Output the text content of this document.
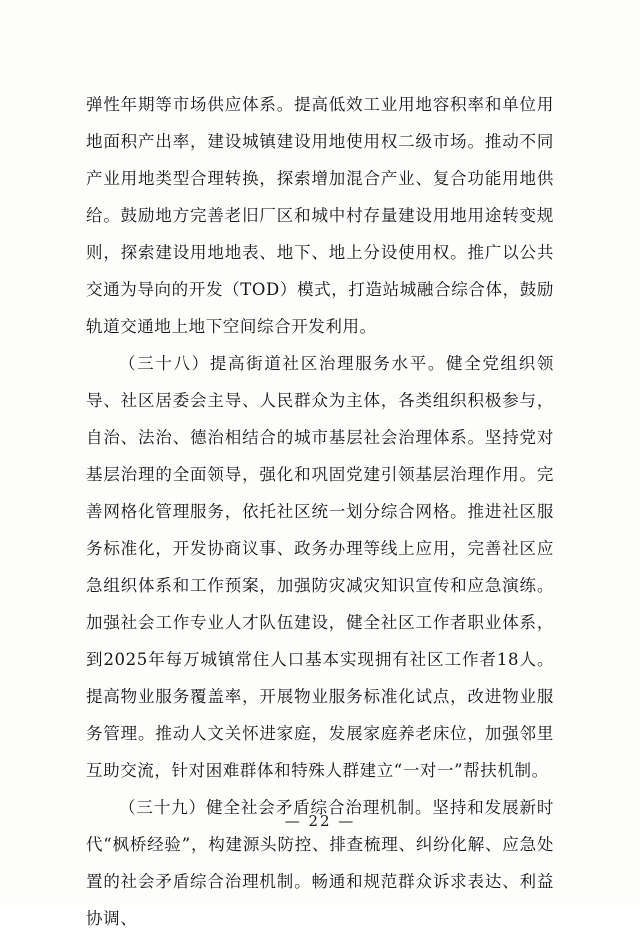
弹性年期等市场供应体系。提高低效工业用地容积率和单位用地面积产出率，建设城镇建设用地使用权二级市场。推动不同产业用地类型合理转换，探索增加混合产业、复合功能用地供给。鼓励地方完善老旧厂区和城中村存量建设用地用途转变规则，探索建设用地地表、地下、地上分设使用权。推广以公共交通为导向的开发（TOD）模式，打造站城融合综合体，鼓励轨道交通地上地下空间综合开发利用。

（三十八）提高街道社区治理服务水平。健全党组织领导、社区居委会主导、人民群众为主体，各类组织积极参与，自治、法治、德治相结合的城市基层社会治理体系。坚持党对基层治理的全面领导，强化和巩固党建引领基层治理作用。完善网格化管理服务，依托社区统一划分综合网格。推进社区服务标准化，开发协商议事、政务办理等线上应用，完善社区应急组织体系和工作预案，加强防灾减灾知识宣传和应急演练。加强社会工作专业人才队伍建设，健全社区工作者职业体系，到2025年每万城镇常住人口基本实现拥有社区工作者18人。提高物业服务覆盖率，开展物业服务标准化试点，改进物业服务管理。推动人文关怀进家庭，发展家庭养老床位，加强邻里互助交流，针对困难群体和特殊人群建立“一对一”帮扶机制。

（三十九）健全社会矛盾综合治理机制。坚持和发展新时代“枫桥经验”，构建源头防控、排查梳理、纠纷化解、应急处置的社会矛盾综合治理机制。畅通和规范群众诉求表达、利益协调、

— 22 —
